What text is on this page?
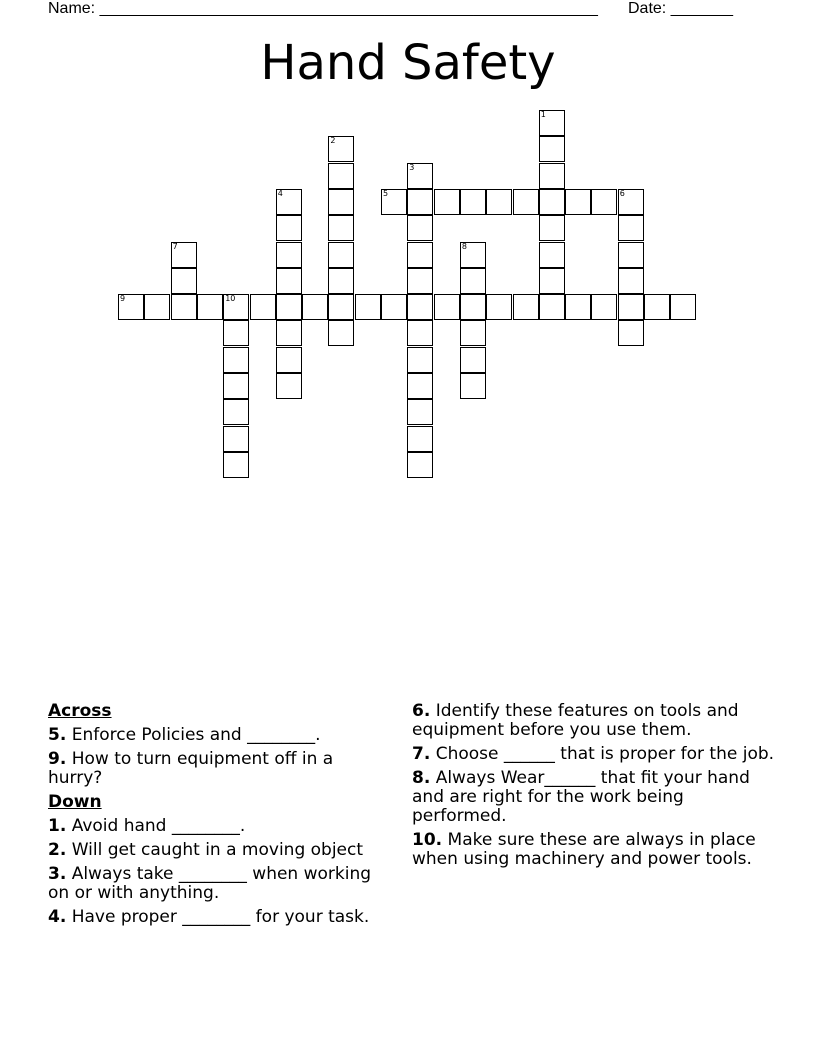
Name: ________________________________________________________ Date: _______
Hand Safety
1
2
3
4	5	6
7	8
9	10
Across
5. Enforce Policies and ________.
9. How to turn equipment off in a hurry?
Down
1. Avoid hand ________.
2. Will get caught in a moving object
3. Always take ________ when working on or with anything.
4. Have proper ________ for your task.
6. Identify these features on tools and equipment before you use them.
7. Choose ______ that is proper for the job.
8. Always Wear______ that fit your hand and are right for the work being performed.
10. Make sure these are always in place when using machinery and power tools.
